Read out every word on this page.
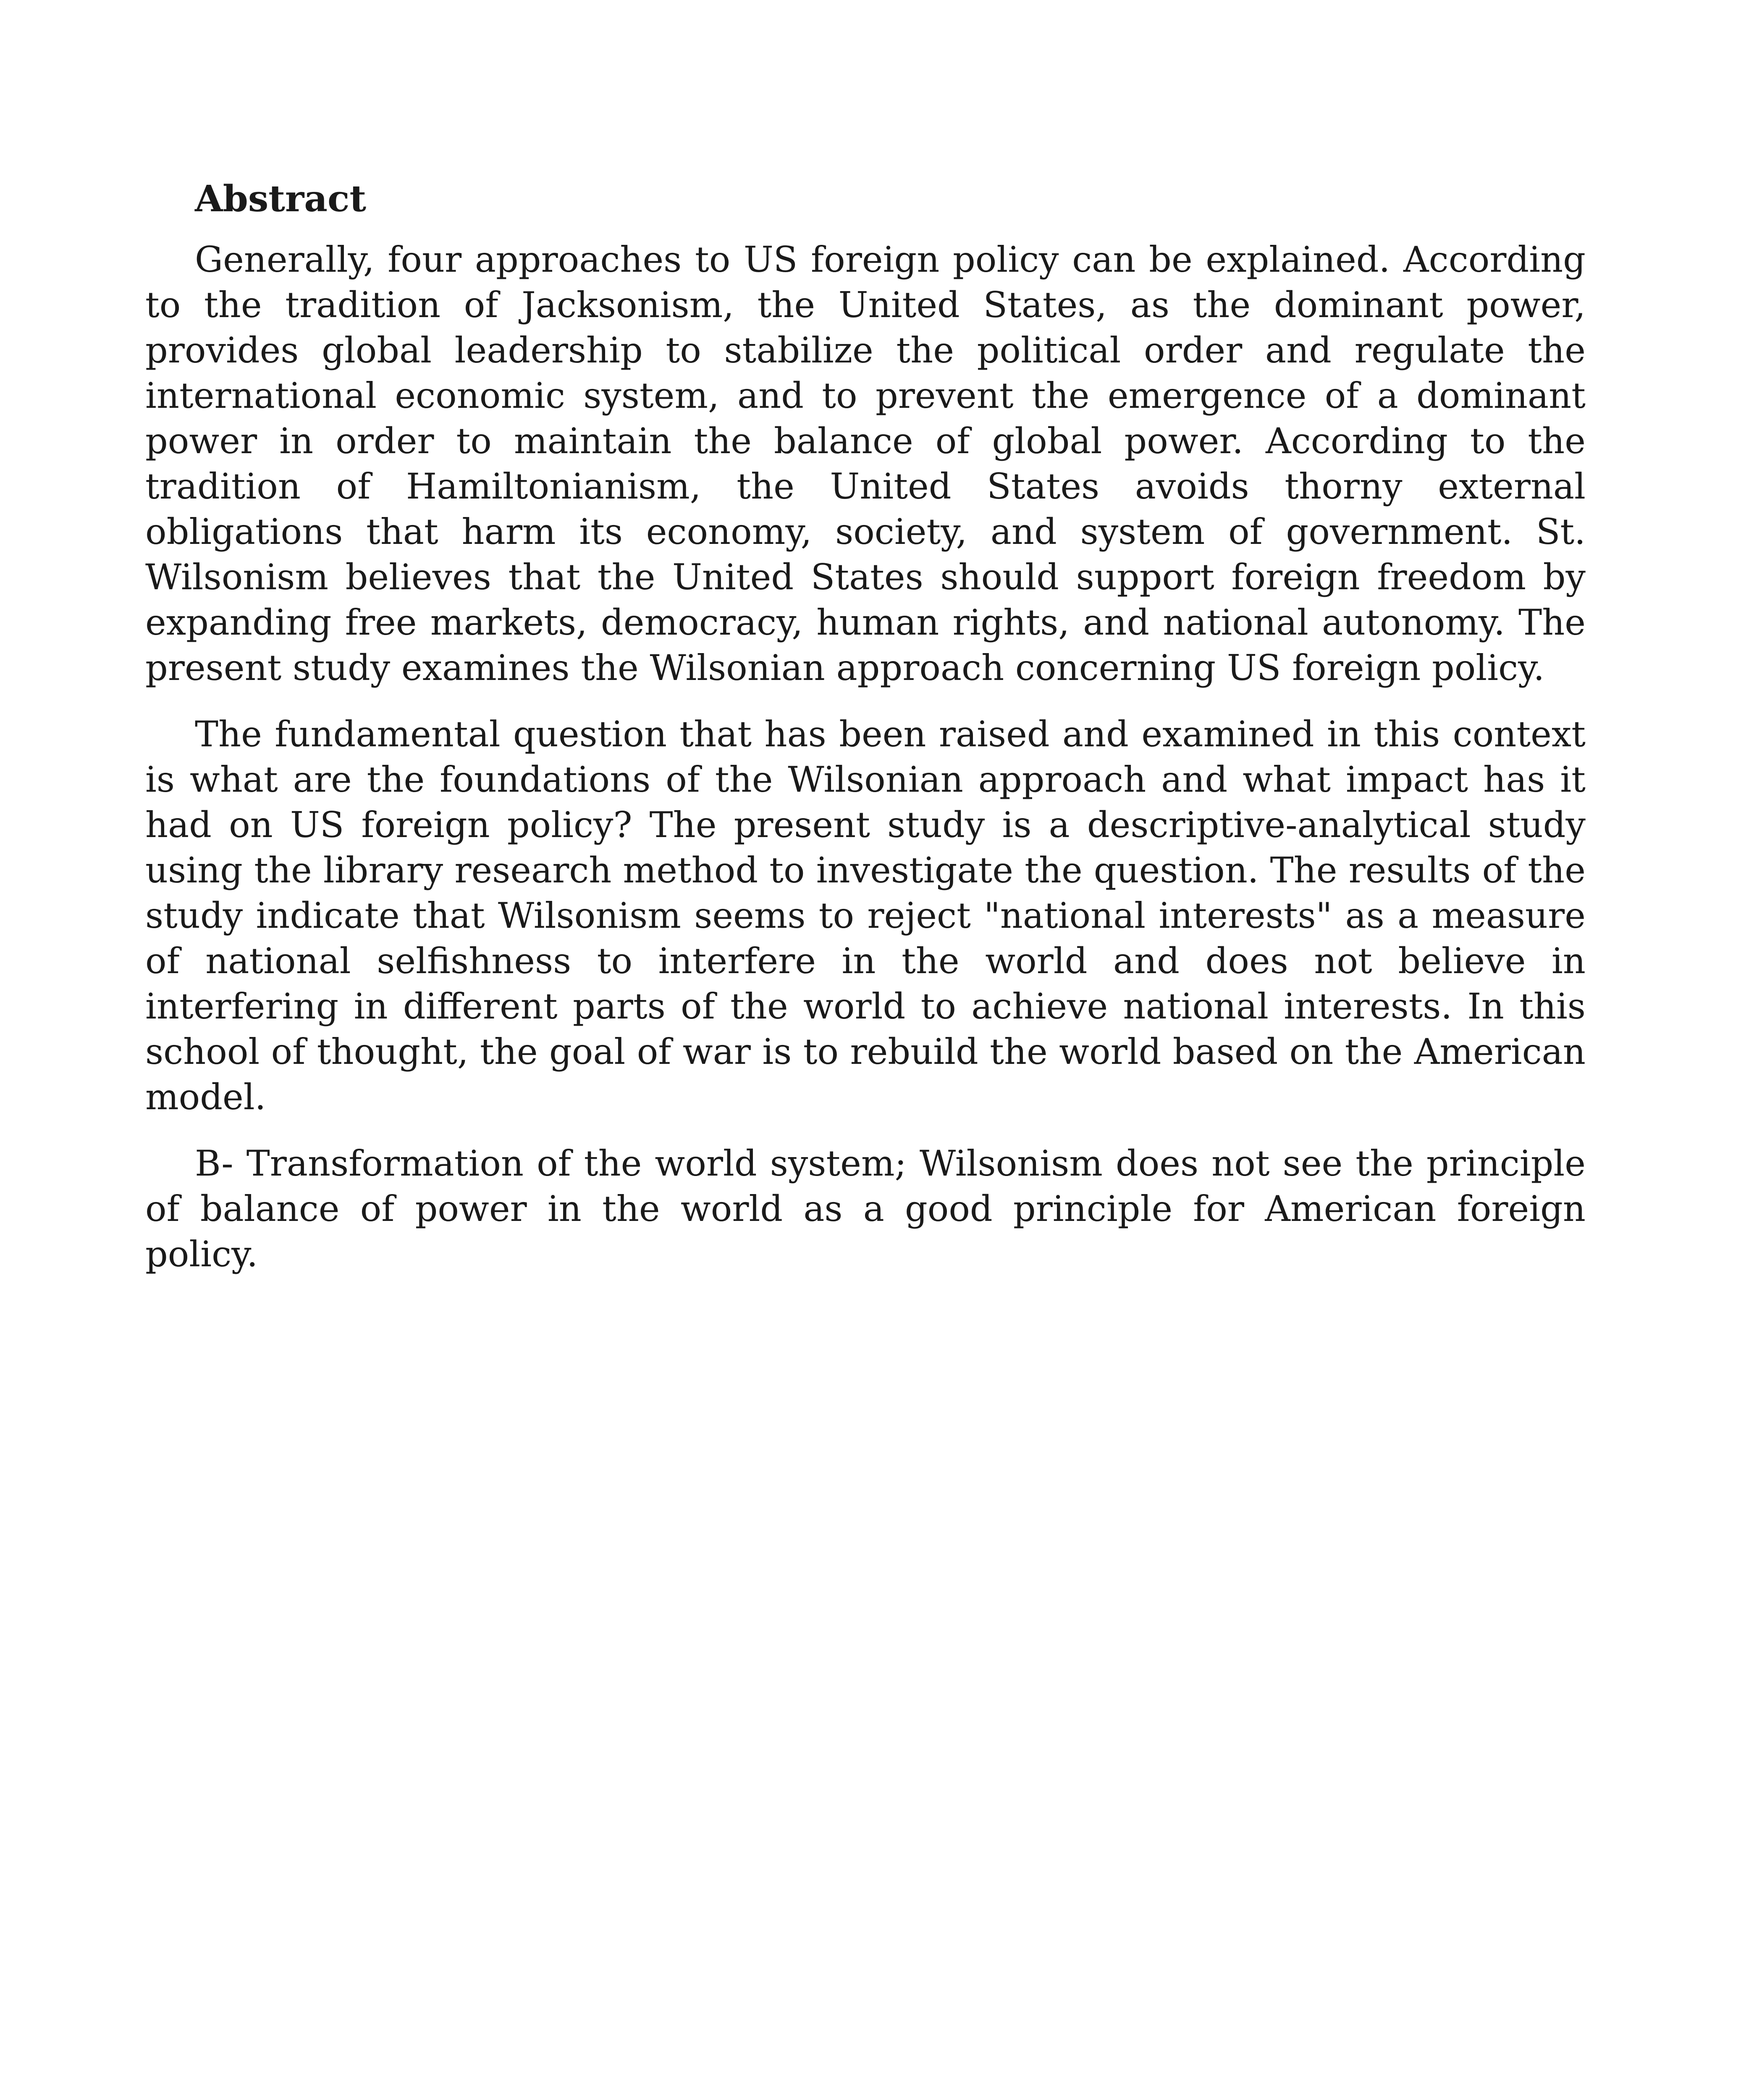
Abstract

Generally, four approaches to US foreign policy can be explained. According to the tradition of Jacksonism, the United States, as the dominant power, provides global leadership to stabilize the political order and regulate the international economic system, and to prevent the emergence of a dominant power in order to maintain the balance of global power. According to the tradition of Hamiltonianism, the United States avoids thorny external obligations that harm its economy, society, and system of government. St. Wilsonism believes that the United States should support foreign freedom by expanding free markets, democracy, human rights, and national autonomy. The present study examines the Wilsonian approach concerning US foreign policy.

The fundamental question that has been raised and examined in this context is what are the foundations of the Wilsonian approach and what impact has it had on US foreign policy? The present study is a descriptive-analytical study using the library research method to investigate the question. The results of the study indicate that Wilsonism seems to reject "national interests" as a measure of national selfishness to interfere in the world and does not believe in interfering in different parts of the world to achieve national interests. In this school of thought, the goal of war is to rebuild the world based on the American model.

B- Transformation of the world system; Wilsonism does not see the principle of balance of power in the world as a good principle for American foreign policy.
